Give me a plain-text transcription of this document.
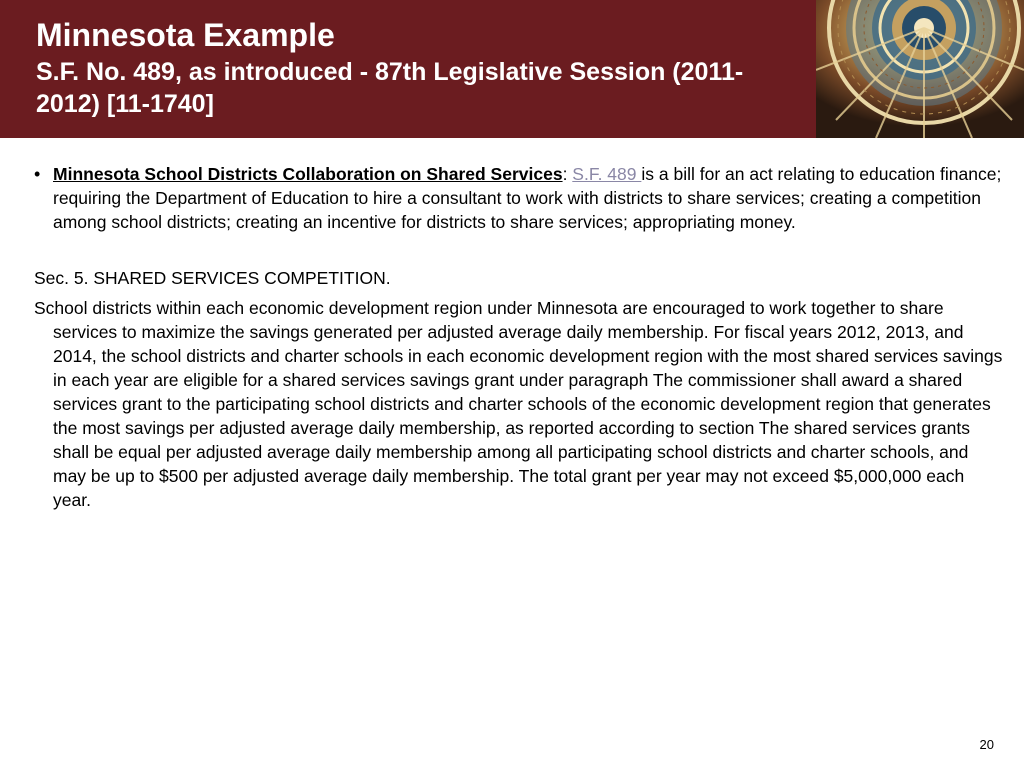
Minnesota Example
S.F. No. 489, as introduced - 87th Legislative Session (2011-2012) [11-1740]
• Minnesota School Districts Collaboration on Shared Services: S.F. 489 is a bill for an act relating to education finance; requiring the Department of Education to hire a consultant to work with districts to share services; creating a competition among school districts; creating an incentive for districts to share services; appropriating money.
Sec. 5. SHARED SERVICES COMPETITION.
School districts within each economic development region under Minnesota are encouraged to work together to share services to maximize the savings generated per adjusted average daily membership. For fiscal years 2012, 2013, and 2014, the school districts and charter schools in each economic development region with the most shared services savings in each year are eligible for a shared services savings grant under paragraph The commissioner shall award a shared services grant to the participating school districts and charter schools of the economic development region that generates the most savings per adjusted average daily membership, as reported according to section The shared services grants shall be equal per adjusted average daily membership among all participating school districts and charter schools, and may be up to $500 per adjusted average daily membership. The total grant per year may not exceed $5,000,000 each year.
20
